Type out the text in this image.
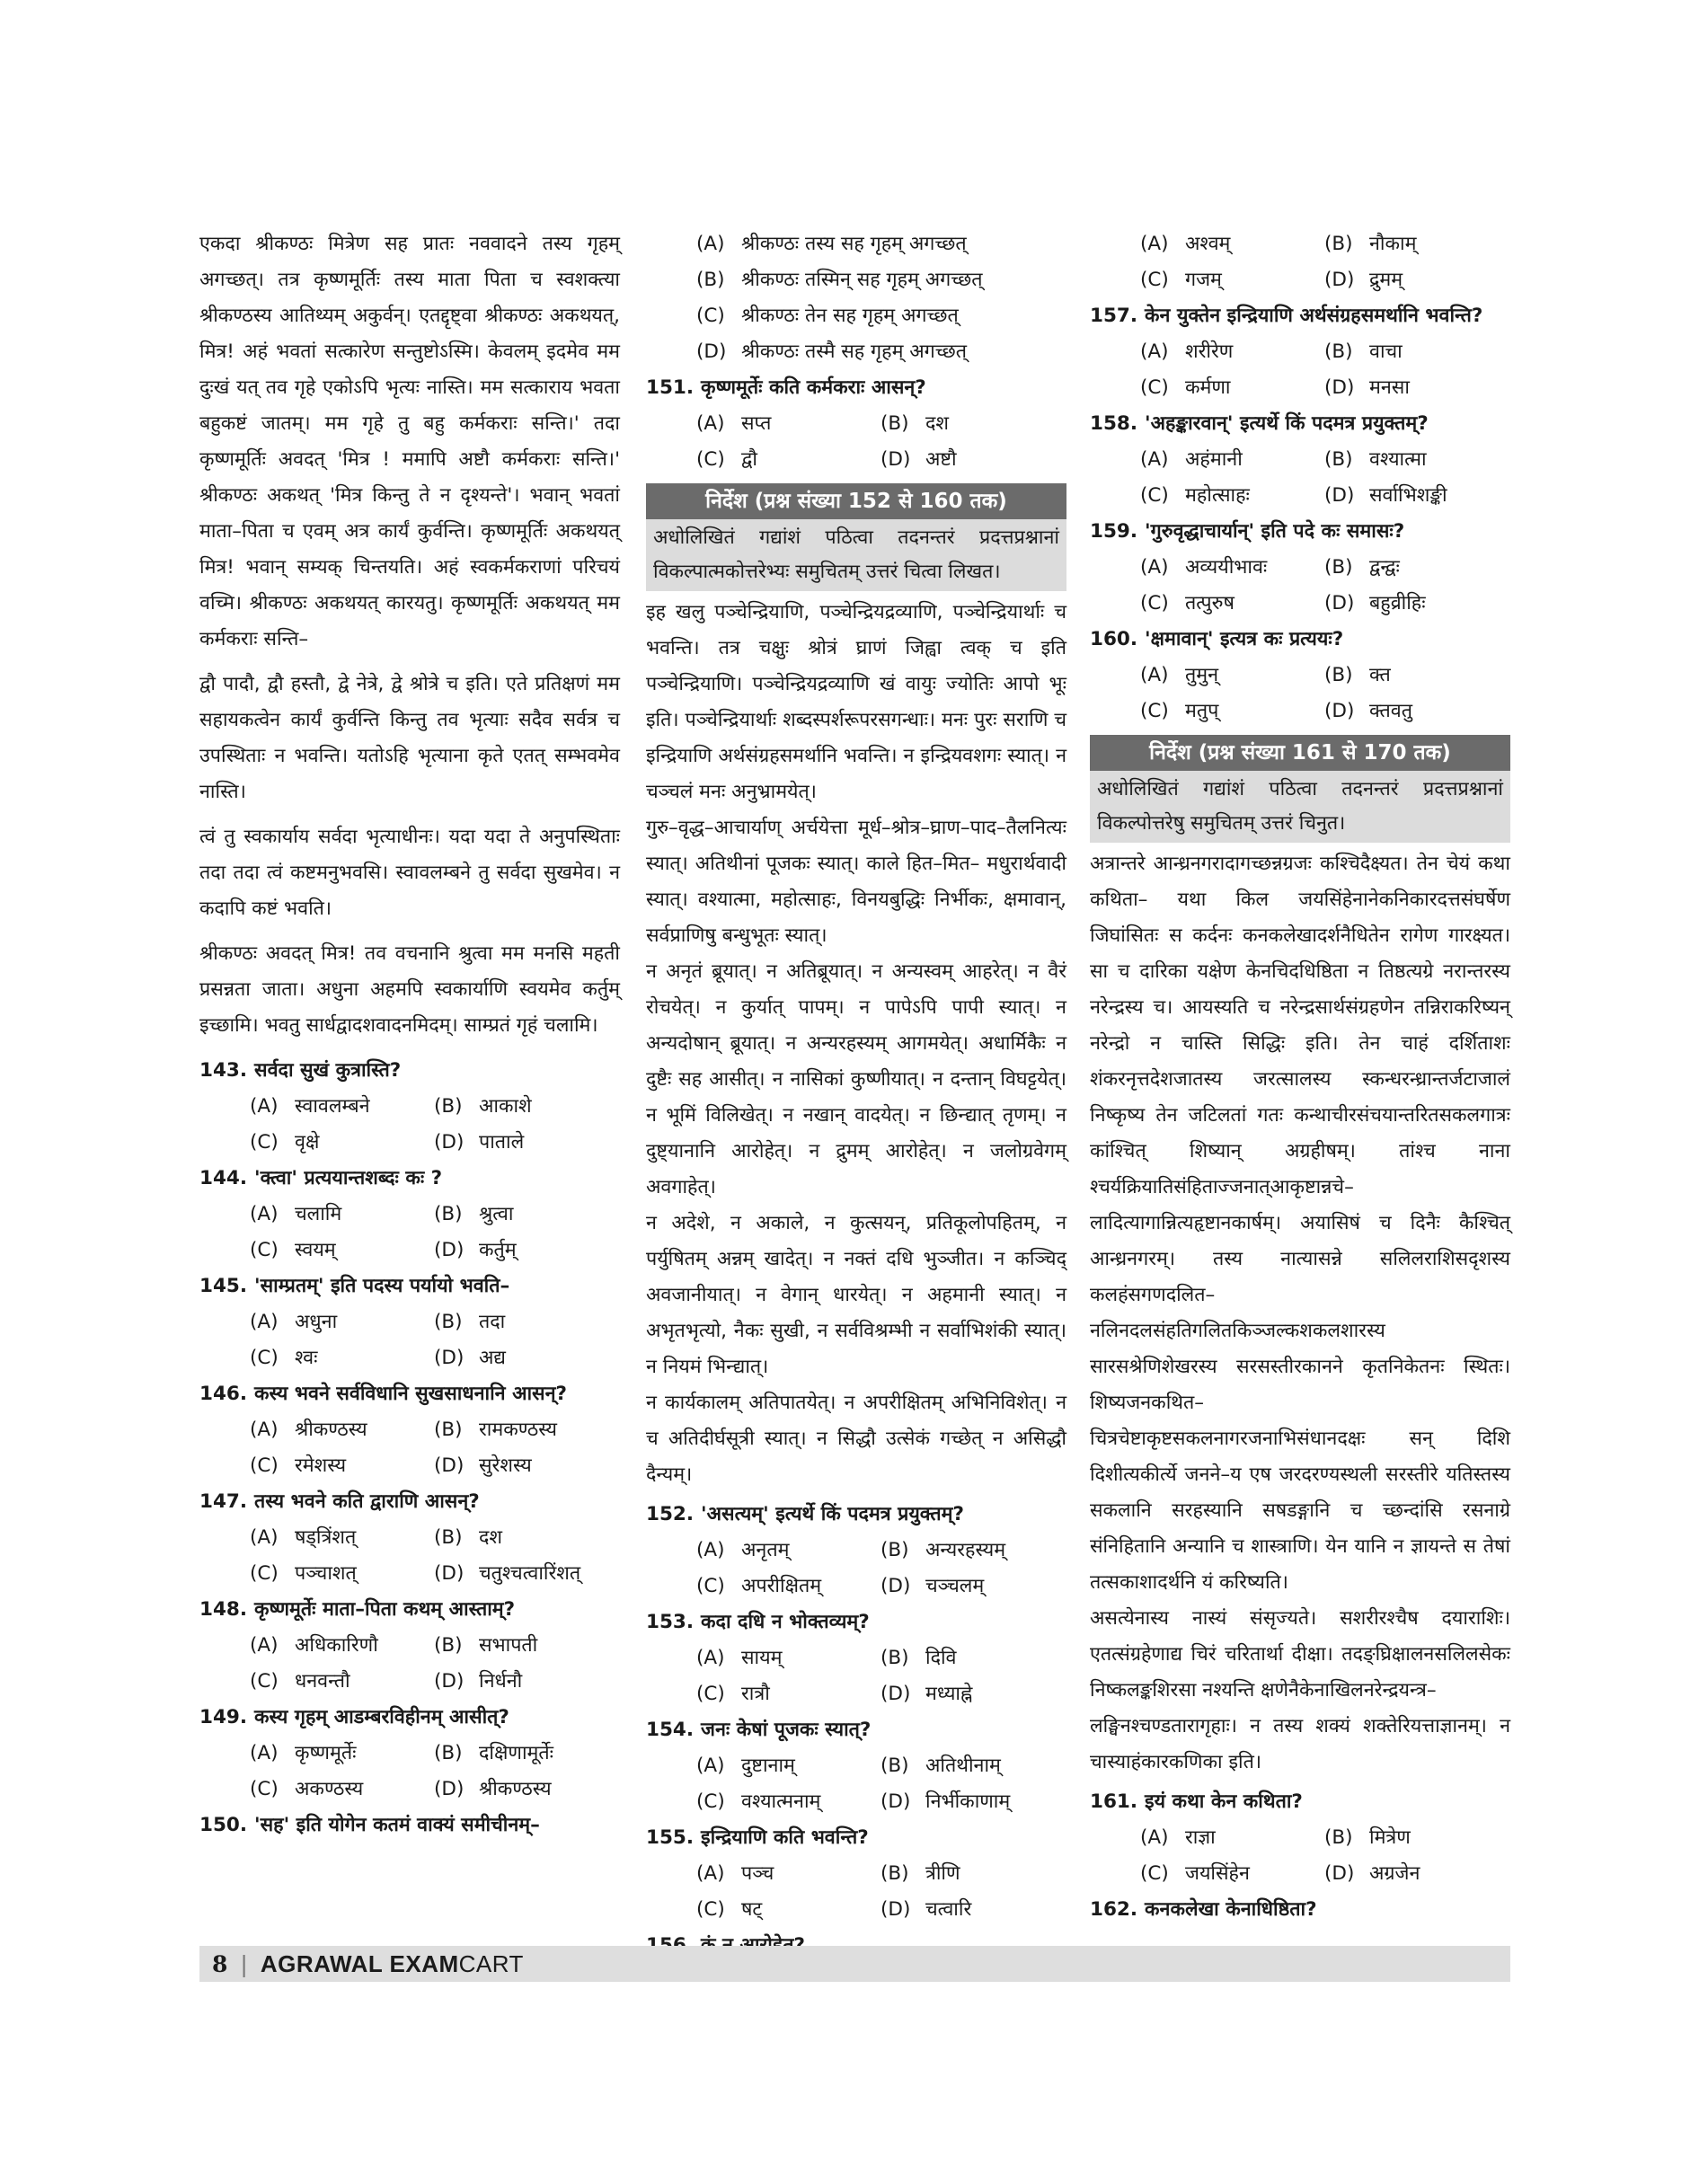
एकदा श्रीकण्ठः मित्रेण सह प्रातः नववादने तस्य गृहम् अगच्छत्। तत्र कृष्णमूर्तिः तस्य माता पिता च स्वशक्त्या श्रीकण्ठस्य आतिथ्यम् अकुर्वन्। एतद्दृष्ट्वा श्रीकण्ठः अकथयत्, मित्र! अहं भवतां सत्कारेण सन्तुष्टोऽस्मि। केवलम् इदमेव मम दुःखं यत् तव गृहे एकोऽपि भृत्यः नास्ति। मम सत्काराय भवता बहुकष्टं जातम्। मम गृहे तु बहु कर्मकराः सन्ति।' तदा कृष्णमूर्तिः अवदत् 'मित्र ! ममापि अष्टौ कर्मकराः सन्ति।' श्रीकण्ठः अकथत् 'मित्र किन्तु ते न दृश्यन्ते'। भवान् भवतां माता–पिता च एवम् अत्र कार्यं कुर्वन्ति। कृष्णमूर्तिः अकथयत् मित्र! भवान् सम्यक् चिन्तयति। अहं स्वकर्मकराणां परिचयं वच्मि। श्रीकण्ठः अकथयत् कारयतु। कृष्णमूर्तिः अकथयत् मम कर्मकराः सन्ति–

द्वौ पादौ, द्वौ हस्तौ, द्वे नेत्रे, द्वे श्रोत्रे च इति। एते प्रतिक्षणं मम सहायकत्वेन कार्यं कुर्वन्ति किन्तु तव भृत्याः सदैव सर्वत्र च उपस्थिताः न भवन्ति। यतोऽहि भृत्याना कृते एतत् सम्भवमेव नास्ति।

त्वं तु स्वकार्याय सर्वदा भृत्याधीनः। यदा यदा ते अनुपस्थिताः तदा तदा त्वं कष्टमनुभवसि। स्वावलम्बने तु सर्वदा सुखमेव। न कदापि कष्टं भवति।

श्रीकण्ठः अवदत् मित्र! तव वचनानि श्रुत्वा मम मनसि महती प्रसन्नता जाता। अधुना अहमपि स्वकार्याणि स्वयमेव कर्तुम् इच्छामि। भवतु सार्धद्वादशवादनमिदम्। साम्प्रतं गृहं चलामि।

143. सर्वदा सुखं कुत्रास्ति?
(A) स्वावलम्बने	(B) आकाशे
(C) वृक्षे	(D) पाताले
144. 'क्त्वा' प्रत्ययान्तशब्दः कः ?
(A) चलामि	(B) श्रुत्वा
(C) स्वयम्	(D) कर्तुम्
145. 'साम्प्रतम्' इति पदस्य पर्यायो भवति–
(A) अधुना	(B) तदा
(C) श्वः	(D) अद्य
146. कस्य भवने सर्वविधानि सुखसाधनानि आसन्?
(A) श्रीकण्ठस्य	(B) रामकण्ठस्य
(C) रमेशस्य	(D) सुरेशस्य
147. तस्य भवने कति द्वाराणि आसन्?
(A) षड्त्रिंशत्	(B) दश
(C) पञ्चाशत्	(D) चतुश्चत्वारिंशत्
148. कृष्णमूर्तेः माता–पिता कथम् आस्ताम्?
(A) अधिकारिणौ	(B) सभापती
(C) धनवन्तौ	(D) निर्धनौ
149. कस्य गृहम् आडम्बरविहीनम् आसीत्?
(A) कृष्णमूर्तेः	(B) दक्षिणामूर्तेः
(C) अकण्ठस्य	(D) श्रीकण्ठस्य
150. 'सह' इति योगेन कतमं वाक्यं समीचीनम्–
(A) श्रीकण्ठः तस्य सह गृहम् अगच्छत्
(B) श्रीकण्ठः तस्मिन् सह गृहम् अगच्छत्
(C) श्रीकण्ठः तेन सह गृहम् अगच्छत्
(D) श्रीकण्ठः तस्मै सह गृहम् अगच्छत्
151. कृष्णमूर्तेः कति कर्मकराः आसन्?
(A) सप्त	(B) दश
(C) द्वौ	(D) अष्टौ
निर्देश (प्रश्न संख्या 152 से 160 तक)
अधोलिखितं गद्यांशं पठित्वा तदनन्तरं प्रदत्तप्रश्नानां विकल्पात्मकोत्तरेभ्यः समुचितम् उत्तरं चित्वा लिखत।

इह खलु पञ्चेन्द्रियाणि, पञ्चेन्द्रियद्रव्याणि, पञ्चेन्द्रियार्थाः च भवन्ति। तत्र चक्षुः श्रोत्रं घ्राणं जिह्वा त्वक् च इति पञ्चेन्द्रियाणि। पञ्चेन्द्रियद्रव्याणि खं वायुः ज्योतिः आपो भूः इति। पञ्चेन्द्रियार्थाः शब्दस्पर्शरूपरसगन्धाः। मनः पुरः सराणि च इन्द्रियाणि अर्थसंग्रहसमर्थानि भवन्ति। न इन्द्रियवशगः स्यात्। न चञ्चलं मनः अनुभ्रामयेत्।

गुरु–वृद्ध–आचार्याण् अर्चयेत्ता मूर्ध–श्रोत्र–घ्राण–पाद–तैलनित्यः स्यात्। अतिथीनां पूजकः स्यात्। काले हित–मित– मधुरार्थवादी स्यात्। वश्यात्मा, महोत्साहः, विनयबुद्धिः निर्भीकः, क्षमावान्, सर्वप्राणिषु बन्धुभूतः स्यात्।

न अनृतं ब्रूयात्। न अतिब्रूयात्। न अन्यस्वम् आहरेत्। न वैरं रोचयेत्। न कुर्यात् पापम्। न पापेऽपि पापी स्यात्। न अन्यदोषान् ब्रूयात्। न अन्यरहस्यम् आगमयेत्। अधार्मिकैः न दुष्टैः सह आसीत्। न नासिकां कुष्णीयात्। न दन्तान् विघट्टयेत्। न भूमिं विलिखेत्। न नखान् वादयेत्। न छिन्द्यात् तृणम्। न दुष्ट्यानानि आरोहेत्। न द्रुमम् आरोहेत्। न जलोग्रवेगम् अवगाहेत्।

न अदेशे, न अकाले, न कुत्सयन्, प्रतिकूलोपहितम्, न पर्युषितम् अन्नम् खादेत्। न नक्तं दधि भुञ्जीत। न कञ्चिद् अवजानीयात्। न वेगान् धारयेत्। न अहमानी स्यात्। न अभृतभृत्यो, नैकः सुखी, न सर्वविश्रम्भी न सर्वाभिशंकी स्यात्। न नियमं भिन्द्यात्।

न कार्यकालम् अतिपातयेत्। न अपरीक्षितम् अभिनिविशेत्। न च अतिदीर्घसूत्री स्यात्। न सिद्धौ उत्सेकं गच्छेत् न असिद्धौ दैन्यम्।

152. 'असत्यम्' इत्यर्थे किं पदमत्र प्रयुक्तम्?
(A) अनृतम्	(B) अन्यरहस्यम्
(C) अपरीक्षितम्	(D) चञ्चलम्
153. कदा दधि न भोक्तव्यम्?
(A) सायम्	(B) दिवि
(C) रात्रौ	(D) मध्याह्ने
154. जनः केषां पूजकः स्यात्?
(A) दुष्टानाम्	(B) अतिथीनाम्
(C) वश्यात्मनाम्	(D) निर्भीकाणाम्
155. इन्द्रियाणि कति भवन्ति?
(A) पञ्च	(B) त्रीणि
(C) षट्	(D) चत्वारि
(A) अश्वम्	(B) नौकाम्
(C) गजम्	(D) द्रुमम्
157. केन युक्तेन इन्द्रियाणि अर्थसंग्रहसमर्थानि भवन्ति?
(A) शरीरेण	(B) वाचा
(C) कर्मणा	(D) मनसा
158. 'अहङ्कारवान्' इत्यर्थे किं पदमत्र प्रयुक्तम्?
(A) अहंमानी	(B) वश्यात्मा
(C) महोत्साहः	(D) सर्वाभिशङ्की
159. 'गुरुवृद्धाचार्यान्' इति पदे कः समासः?
(A) अव्ययीभावः	(B) द्वन्द्वः
(C) तत्पुरुष	(D) बहुव्रीहिः
160. 'क्षमावान्' इत्यत्र कः प्रत्ययः?
(A) तुमुन्	(B) क्त
(C) मतुप्	(D) क्तवतु
निर्देश (प्रश्न संख्या 161 से 170 तक)
अधोलिखितं गद्यांशं पठित्वा तदनन्तरं प्रदत्तप्रश्नानां विकल्पोत्तरेषु समुचितम् उत्तरं चिनुत।

अत्रान्तरे आन्ध्रनगरादागच्छन्नग्रजः कश्चिदैक्ष्यत। तेन चेयं कथा कथिता– यथा किल जयसिंहेनानेकनिकारदत्तसंघर्षेण जिघांसितः स कर्दनः कनकलेखादर्शनैधितेन रागेण गारक्ष्यत। सा च दारिका यक्षेण केनचिदधिष्ठिता न तिष्ठत्यग्रे नरान्तरस्य नरेन्द्रस्य च। आयस्यति च नरेन्द्रसार्थसंग्रहणेन तन्निराकरिष्यन् नरेन्द्रो न चास्ति सिद्धिः इति। तेन चाहं दर्शिताशः शंकरनृत्तदेशजातस्य जरत्सालस्य स्कन्धरन्ध्रान्तर्जटाजालं निष्कृष्य तेन जटिलतां गतः कन्थाचीरसंचयान्तरितसकलगात्रः कांश्चित् शिष्यान् अग्रहीषम्। तांश्च नाना श्चर्यक्रियातिसंहिताज्जनात्आकृष्टान्नचे– लादित्यागान्नित्यहृष्टानकार्षम्। अयासिषं च दिनैः कैश्चित् आन्ध्रनगरम्। तस्य नात्यासन्ने सलिलराशिसदृशस्य कलहंसगणदलित–नलिनदलसंहतिगलितकिञ्जल्कशकलशारस्य सारसश्रेणिशेखरस्य सरसस्तीरकानने कृतनिकेतनः स्थितः। शिष्यजनकथित–

चित्रचेष्टाकृष्टसकलनागरजनाभिसंधानदक्षः सन् दिशि दिशीत्यकीर्त्ये जनने–य एष जरदरण्यस्थली सरस्तीरे यतिस्तस्य सकलानि सरहस्यानि सषडङ्गानि च च्छन्दांसि रसनाग्रे संनिहितानि अन्यानि च शास्त्राणि। येन यानि न ज्ञायन्ते स तेषां तत्सकाशादर्थनि यं करिष्यति।

असत्येनास्य नास्यं संसृज्यते। सशरीरश्चैष दयाराशिः। एतत्संग्रहेणाद्य चिरं चरितार्था दीक्षा। तदङ्घ्रिक्षालनसलिलसेकः निष्कलङ्कशिरसा नश्यन्ति क्षणेनैकेनाखिलनरेन्द्रयन्त्र–

लङ्घिनश्चण्डतारागृहाः। न तस्य शक्यं शक्तेरियत्ताज्ञानम्। न चास्याहंकारकणिका इति।

161. इयं कथा केन कथिता?
(A) राज्ञा	(B) मित्रेण
(C) जयसिंहेन	(D) अग्रजेन
162. कनकलेखा केनाधिष्ठिता?
8 | AGRAWAL EXAMCART
